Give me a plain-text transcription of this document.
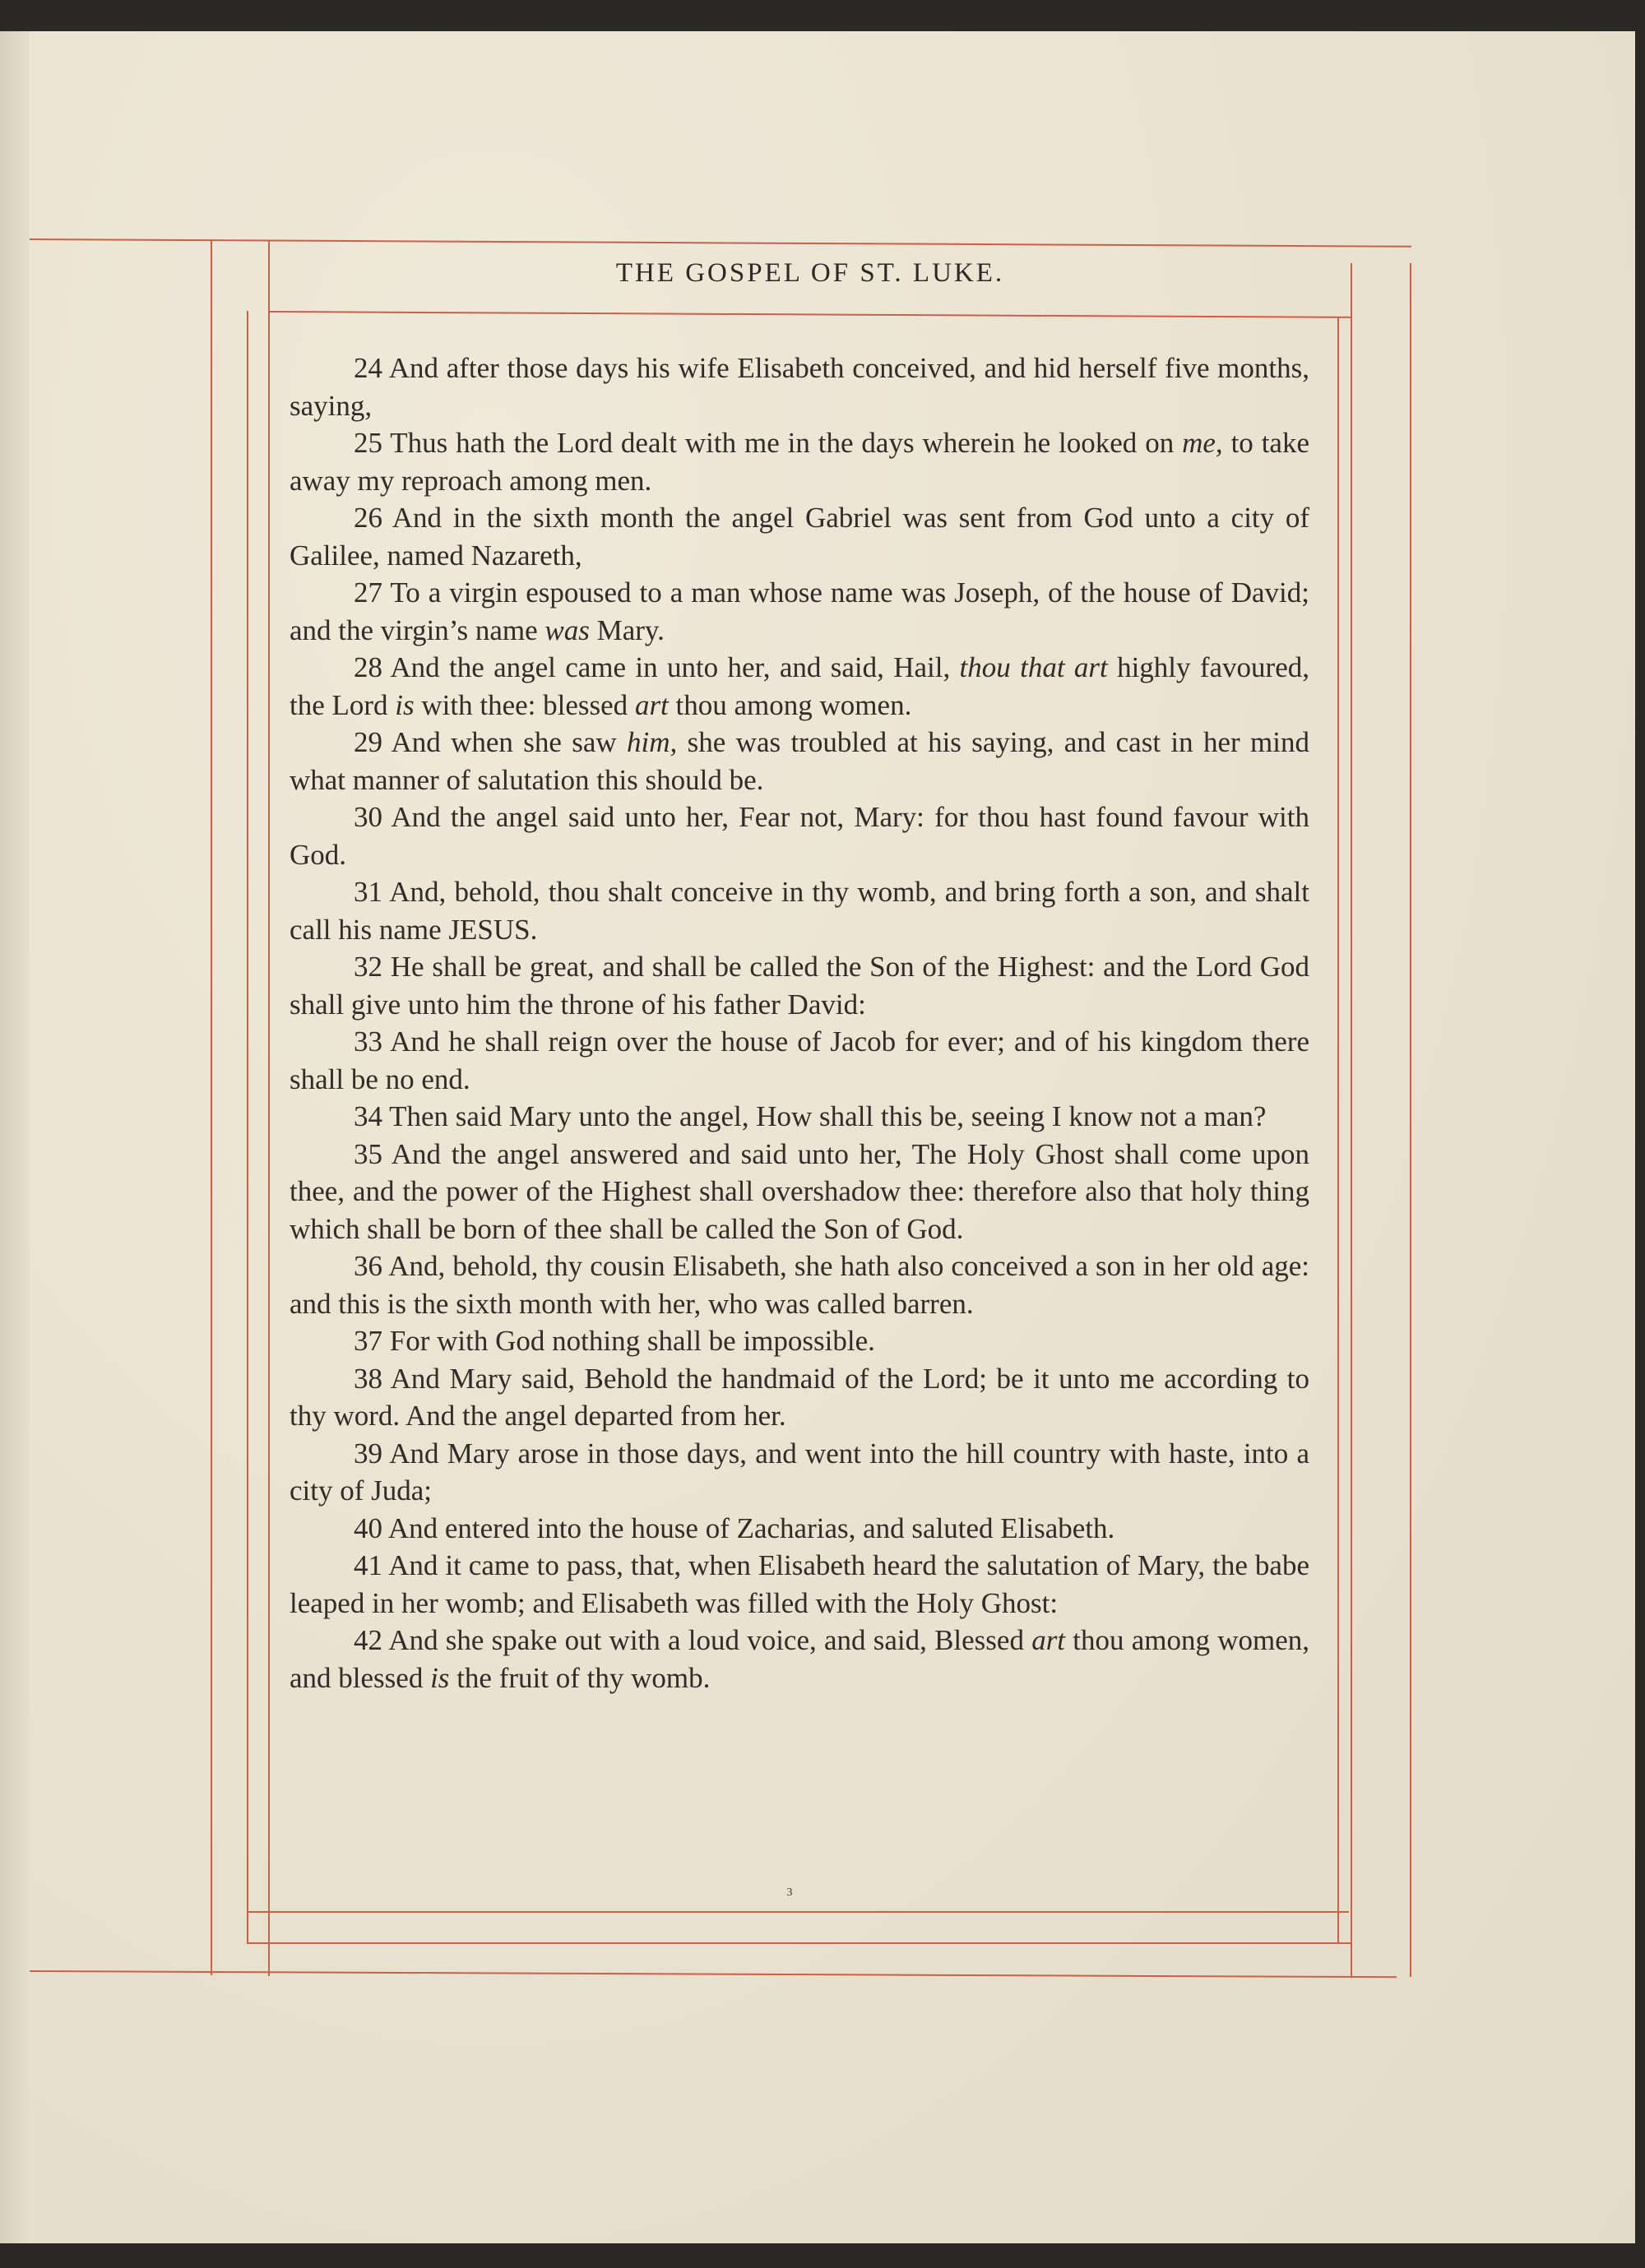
THE GOSPEL OF ST. LUKE.

24 And after those days his wife Elisabeth conceived, and hid herself five months, saying,

25 Thus hath the Lord dealt with me in the days wherein he looked on me, to take away my reproach among men.

26 And in the sixth month the angel Gabriel was sent from God unto a city of Galilee, named Nazareth,

27 To a virgin espoused to a man whose name was Joseph, of the house of David; and the virgin’s name was Mary.

28 And the angel came in unto her, and said, Hail, thou that art highly favoured, the Lord is with thee: blessed art thou among women.

29 And when she saw him, she was troubled at his saying, and cast in her mind what manner of salutation this should be.

30 And the angel said unto her, Fear not, Mary: for thou hast found favour with God.

31 And, behold, thou shalt conceive in thy womb, and bring forth a son, and shalt call his name JESUS.

32 He shall be great, and shall be called the Son of the Highest: and the Lord God shall give unto him the throne of his father David:

33 And he shall reign over the house of Jacob for ever; and of his kingdom there shall be no end.

34 Then said Mary unto the angel, How shall this be, seeing I know not a man?

35 And the angel answered and said unto her, The Holy Ghost shall come upon thee, and the power of the Highest shall overshadow thee: therefore also that holy thing which shall be born of thee shall be called the Son of God.

36 And, behold, thy cousin Elisabeth, she hath also conceived a son in her old age: and this is the sixth month with her, who was called barren.

37 For with God nothing shall be impossible.

38 And Mary said, Behold the handmaid of the Lord; be it unto me according to thy word. And the angel departed from her.

39 And Mary arose in those days, and went into the hill country with haste, into a city of Juda;

40 And entered into the house of Zacharias, and saluted Elisabeth.

41 And it came to pass, that, when Elisabeth heard the salutation of Mary, the babe leaped in her womb; and Elisabeth was filled with the Holy Ghost:

42 And she spake out with a loud voice, and said, Blessed art thou among women, and blessed is the fruit of thy womb.

3
